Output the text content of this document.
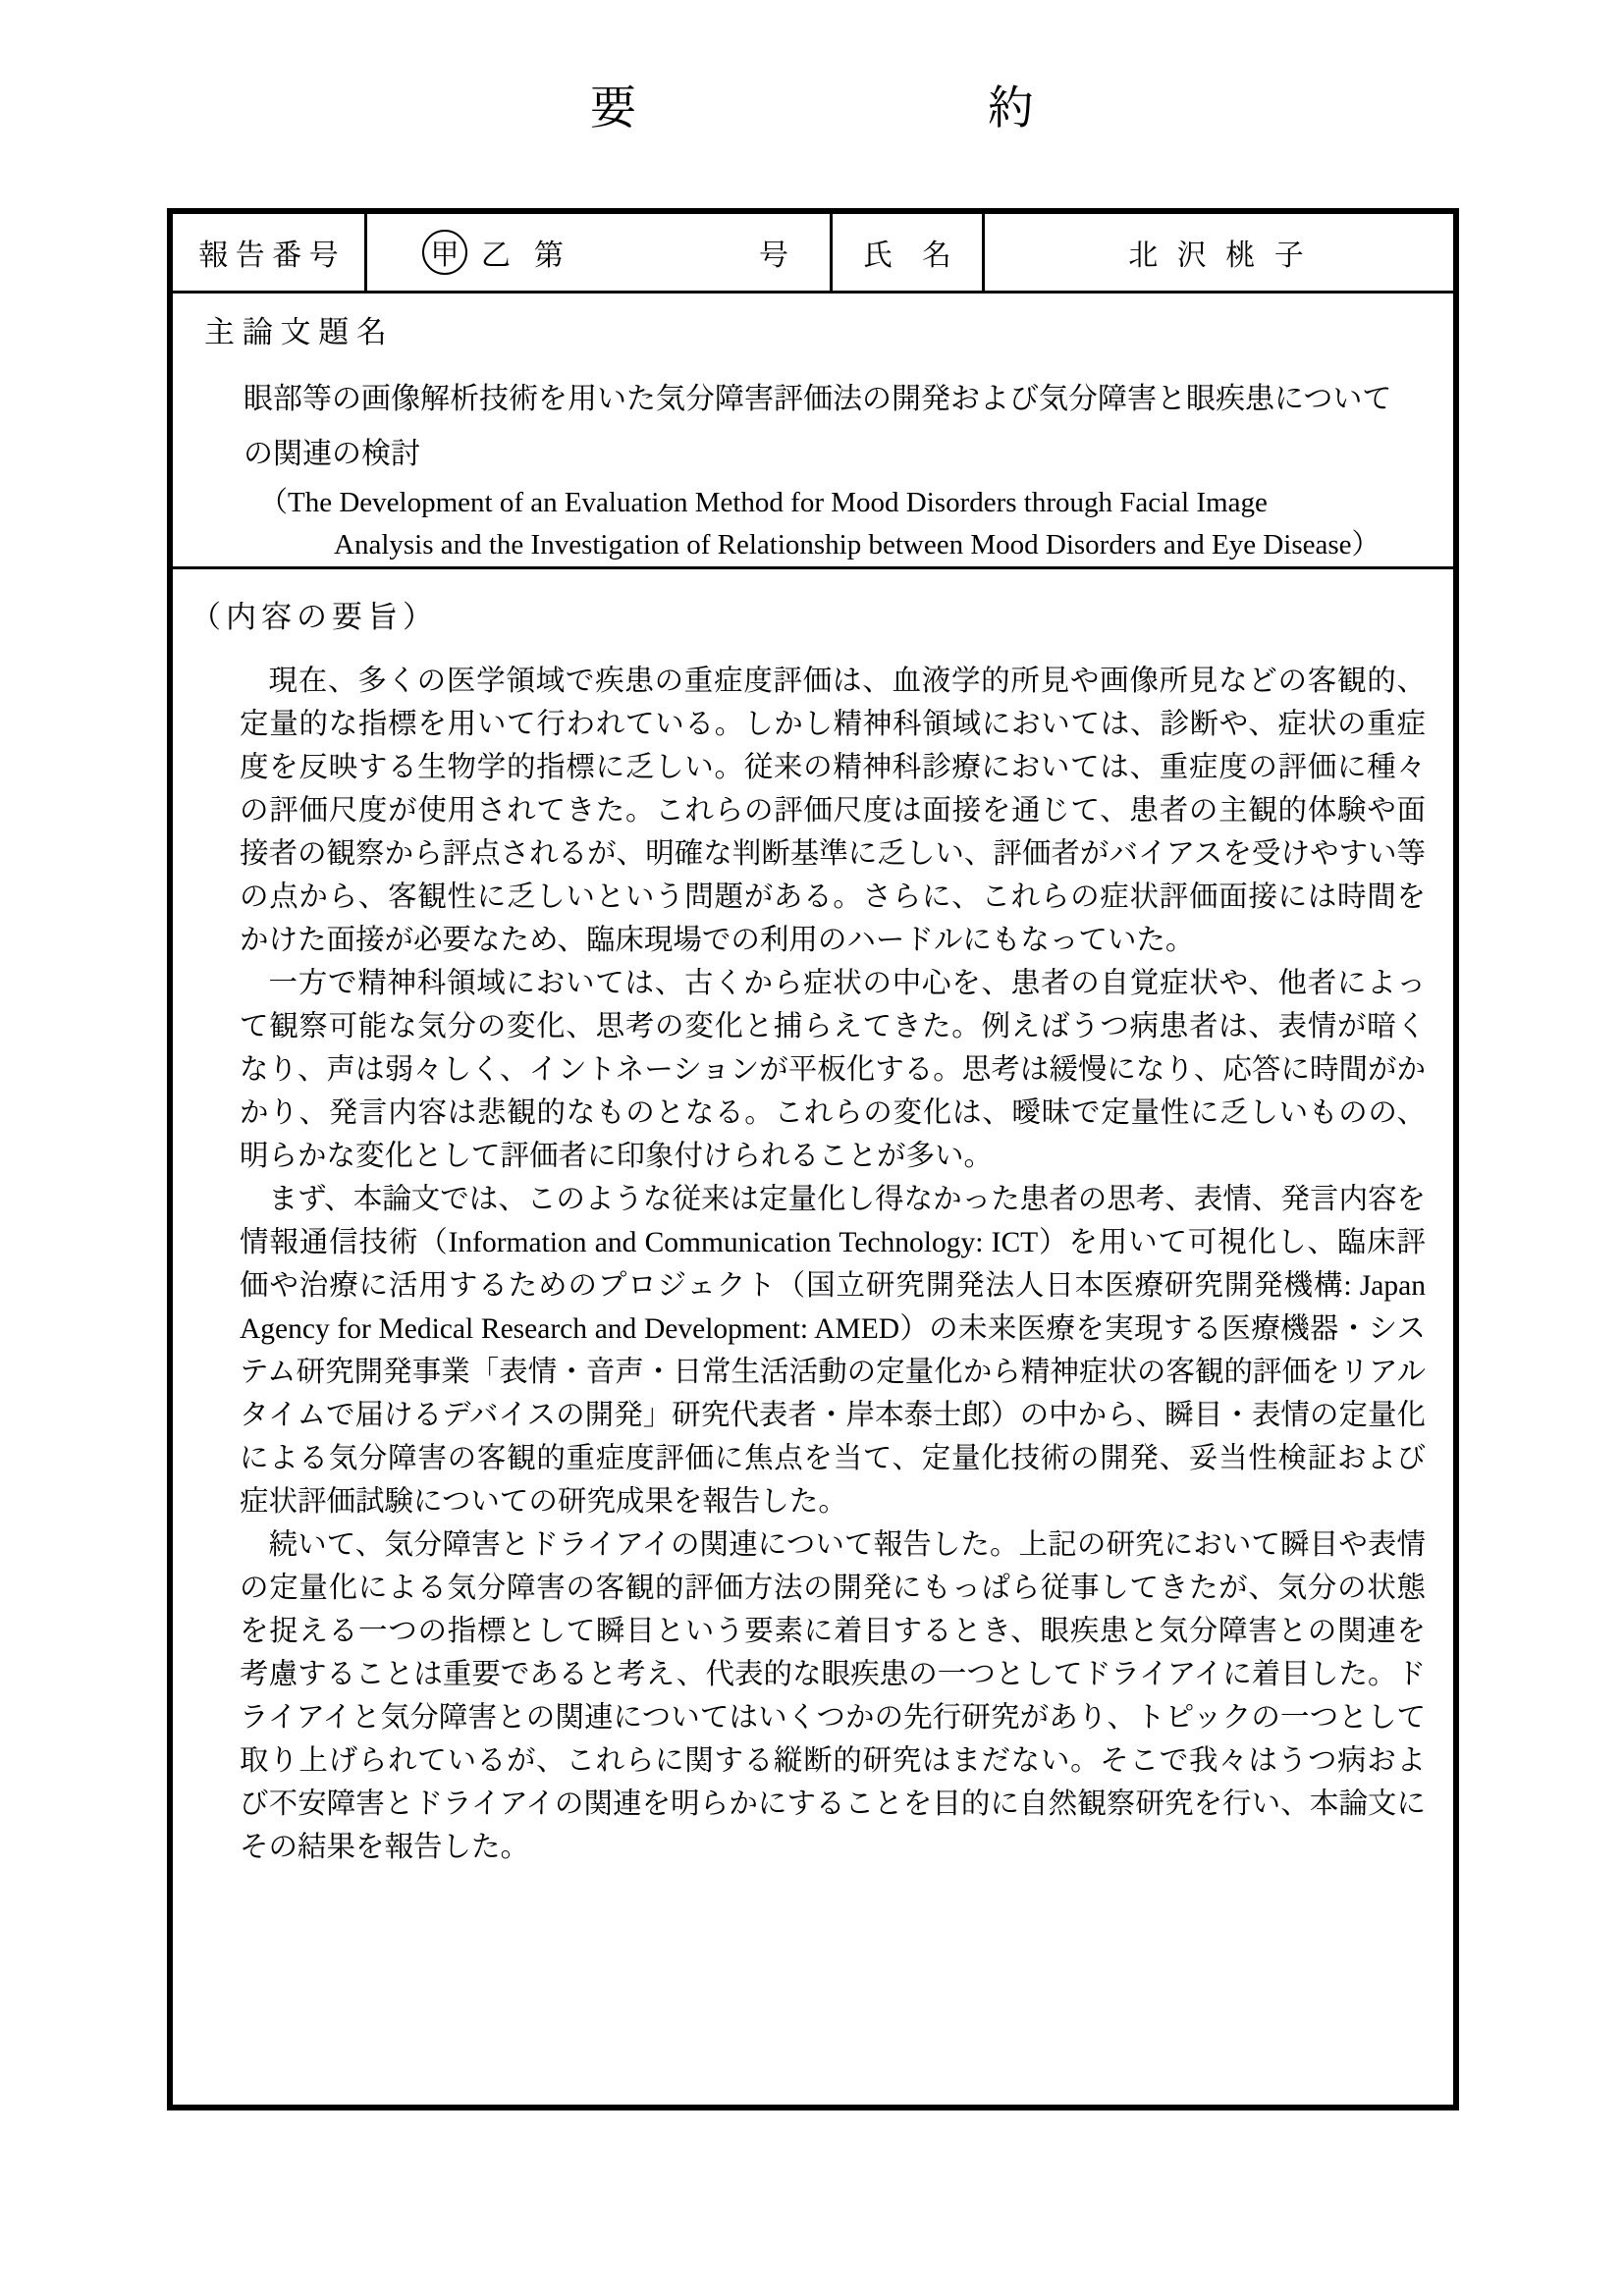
要	約
報 告 番 号	甲 乙 第	号	氏　名	北 沢 桃 子
主 論 文 題 名
眼部等の画像解析技術を用いた気分障害評価法の開発および気分障害と眼疾患について
の関連の検討
（The Development of an Evaluation Method for Mood Disorders through Facial Image
Analysis and the Investigation of Relationship between Mood Disorders and Eye Disease）
（内容の要旨）

現在、多くの医学領域で疾患の重症度評価は、血液学的所見や画像所見などの客観的、定量的な指標を用いて行われている。しかし精神科領域においては、診断や、症状の重症度を反映する生物学的指標に乏しい。従来の精神科診療においては、重症度の評価に種々の評価尺度が使用されてきた。これらの評価尺度は面接を通じて、患者の主観的体験や面接者の観察から評点されるが、明確な判断基準に乏しい、評価者がバイアスを受けやすい等の点から、客観性に乏しいという問題がある。さらに、これらの症状評価面接には時間をかけた面接が必要なため、臨床現場での利用のハードルにもなっていた。

一方で精神科領域においては、古くから症状の中心を、患者の自覚症状や、他者によって観察可能な気分の変化、思考の変化と捕らえてきた。例えばうつ病患者は、表情が暗くなり、声は弱々しく、イントネーションが平板化する。思考は緩慢になり、応答に時間がかかり、発言内容は悲観的なものとなる。これらの変化は、曖昧で定量性に乏しいものの、明らかな変化として評価者に印象付けられることが多い。

まず、本論文では、このような従来は定量化し得なかった患者の思考、表情、発言内容を情報通信技術（Information and Communication Technology: ICT）を用いて可視化し、臨床評価や治療に活用するためのプロジェクト（国立研究開発法人日本医療研究開発機構: Japan Agency for Medical Research and Development: AMED）の未来医療を実現する医療機器・システム研究開発事業「表情・音声・日常生活活動の定量化から精神症状の客観的評価をリアルタイムで届けるデバイスの開発」研究代表者・岸本泰士郎）の中から、瞬目・表情の定量化による気分障害の客観的重症度評価に焦点を当て、定量化技術の開発、妥当性検証および症状評価試験についての研究成果を報告した。

続いて、気分障害とドライアイの関連について報告した。上記の研究において瞬目や表情の定量化による気分障害の客観的評価方法の開発にもっぱら従事してきたが、気分の状態を捉える一つの指標として瞬目という要素に着目するとき、眼疾患と気分障害との関連を考慮することは重要であると考え、代表的な眼疾患の一つとしてドライアイに着目した。ドライアイと気分障害との関連についてはいくつかの先行研究があり、トピックの一つとして取り上げられているが、これらに関する縦断的研究はまだない。そこで我々はうつ病および不安障害とドライアイの関連を明らかにすることを目的に自然観察研究を行い、本論文にその結果を報告した。
